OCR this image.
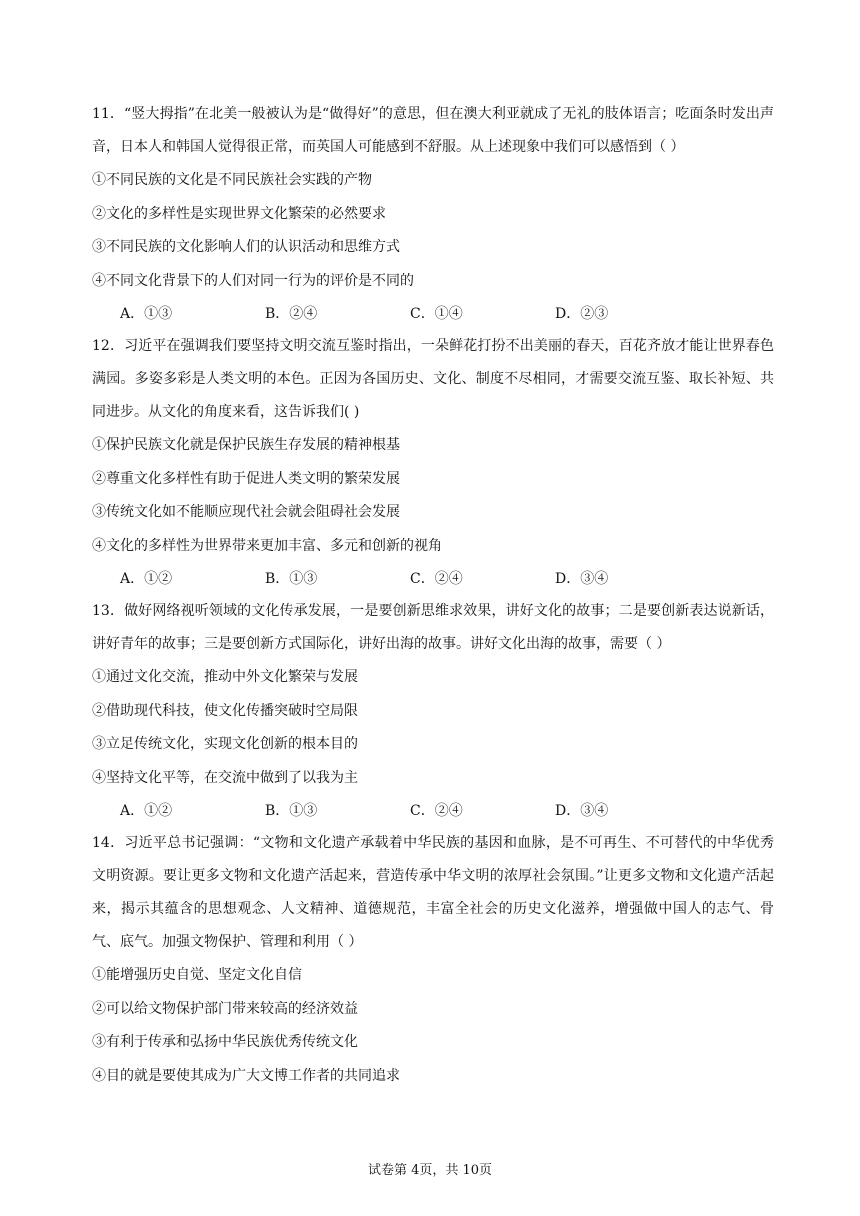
11．“竖大拇指”在北美一般被认为是“做得好”的意思，但在澳大利亚就成了无礼的肢体语言；吃面条时发出声音，日本人和韩国人觉得很正常，而英国人可能感到不舒服。从上述现象中我们可以感悟到（ ）

①不同民族的文化是不同民族社会实践的产物

②文化的多样性是实现世界文化繁荣的必然要求

③不同民族的文化影响人们的认识活动和思维方式

④不同文化背景下的人们对同一行为的评价是不同的

A．①③	B．②④	C．①④	D．②③

12．习近平在强调我们要坚持文明交流互鉴时指出，一朵鲜花打扮不出美丽的春天，百花齐放才能让世界春色满园。多姿多彩是人类文明的本色。正因为各国历史、文化、制度不尽相同，才需要交流互鉴、取长补短、共同进步。从文化的角度来看，这告诉我们( )

①保护民族文化就是保护民族生存发展的精神根基

②尊重文化多样性有助于促进人类文明的繁荣发展

③传统文化如不能顺应现代社会就会阻碍社会发展

④文化的多样性为世界带来更加丰富、多元和创新的视角

A．①②	B．①③	C．②④	D．③④

13．做好网络视听领域的文化传承发展，一是要创新思维求效果，讲好文化的故事；二是要创新表达说新话，讲好青年的故事；三是要创新方式国际化，讲好出海的故事。讲好文化出海的故事，需要（ ）

①通过文化交流，推动中外文化繁荣与发展

②借助现代科技，使文化传播突破时空局限

③立足传统文化，实现文化创新的根本目的

④坚持文化平等，在交流中做到了以我为主

A．①②	B．①③	C．②④	D．③④

14．习近平总书记强调：“文物和文化遗产承载着中华民族的基因和血脉，是不可再生、不可替代的中华优秀文明资源。要让更多文物和文化遗产活起来，营造传承中华文明的浓厚社会氛围。”让更多文物和文化遗产活起来，揭示其蕴含的思想观念、人文精神、道德规范，丰富全社会的历史文化滋养，增强做中国人的志气、骨气、底气。加强文物保护、管理和利用（ ）

①能增强历史自觉、坚定文化自信

②可以给文物保护部门带来较高的经济效益

③有利于传承和弘扬中华民族优秀传统文化

④目的就是要使其成为广大文博工作者的共同追求

试卷第 4页，共 10页
